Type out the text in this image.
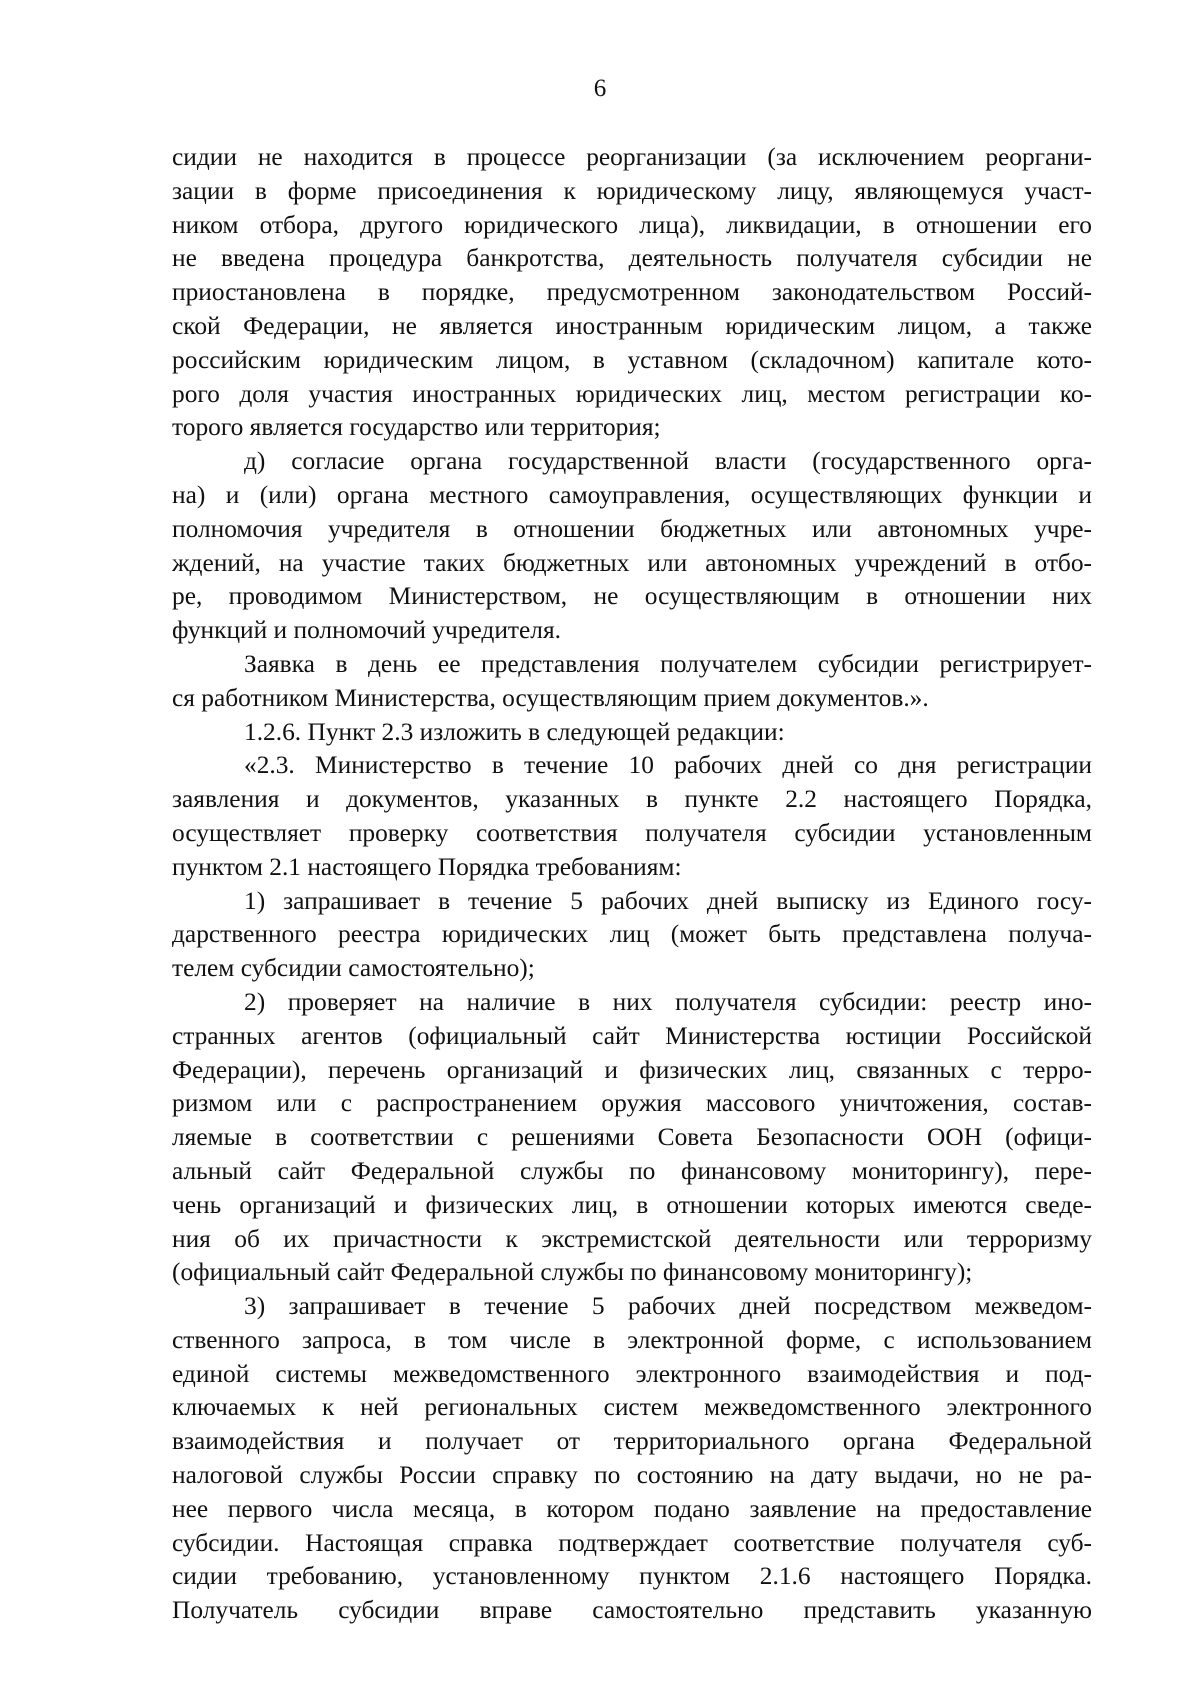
6
сидии не находится в процессе реорганизации (за исключением реоргани-
зации в форме присоединения к юридическому лицу, являющемуся участ-
ником отбора, другого юридического лица), ликвидации, в отношении его
не введена процедура банкротства, деятельность получателя субсидии не
приостановлена в порядке, предусмотренном законодательством Россий-
ской Федерации, не является иностранным юридическим лицом, а также
российским юридическим лицом, в уставном (складочном) капитале кото-
рого доля участия иностранных юридических лиц, местом регистрации ко-
торого является государство или территория;
д) согласие органа государственной власти (государственного орга-
на) и (или) органа местного самоуправления, осуществляющих функции и
полномочия учредителя в отношении бюджетных или автономных учре-
ждений, на участие таких бюджетных или автономных учреждений в отбо-
ре, проводимом Министерством, не осуществляющим в отношении них
функций и полномочий учредителя.
Заявка в день ее представления получателем субсидии регистрирует-
ся работником Министерства, осуществляющим прием документов.».
1.2.6. Пункт 2.3 изложить в следующей редакции:
«2.3. Министерство в течение 10 рабочих дней со дня регистрации
заявления и документов, указанных в пункте 2.2 настоящего Порядка,
осуществляет проверку соответствия получателя субсидии установленным
пунктом 2.1 настоящего Порядка требованиям:
1) запрашивает в течение 5 рабочих дней выписку из Единого госу-
дарственного реестра юридических лиц (может быть представлена получа-
телем субсидии самостоятельно);
2) проверяет на наличие в них получателя субсидии: реестр ино-
странных агентов (официальный сайт Министерства юстиции Российской
Федерации), перечень организаций и физических лиц, связанных с терро-
ризмом или с распространением оружия массового уничтожения, состав-
ляемые в соответствии с решениями Совета Безопасности ООН (офици-
альный сайт Федеральной службы по финансовому мониторингу), пере-
чень организаций и физических лиц, в отношении которых имеются сведе-
ния об их причастности к экстремистской деятельности или терроризму
(официальный сайт Федеральной службы по финансовому мониторингу);
3) запрашивает в течение 5 рабочих дней посредством межведом-
ственного запроса, в том числе в электронной форме, с использованием
единой системы межведомственного электронного взаимодействия и под-
ключаемых к ней региональных систем межведомственного электронного
взаимодействия и получает от территориального органа Федеральной
налоговой службы России справку по состоянию на дату выдачи, но не ра-
нее первого числа месяца, в котором подано заявление на предоставление
субсидии. Настоящая справка подтверждает соответствие получателя суб-
сидии требованию, установленному пунктом 2.1.6 настоящего Порядка.
Получатель субсидии вправе самостоятельно представить указанную
